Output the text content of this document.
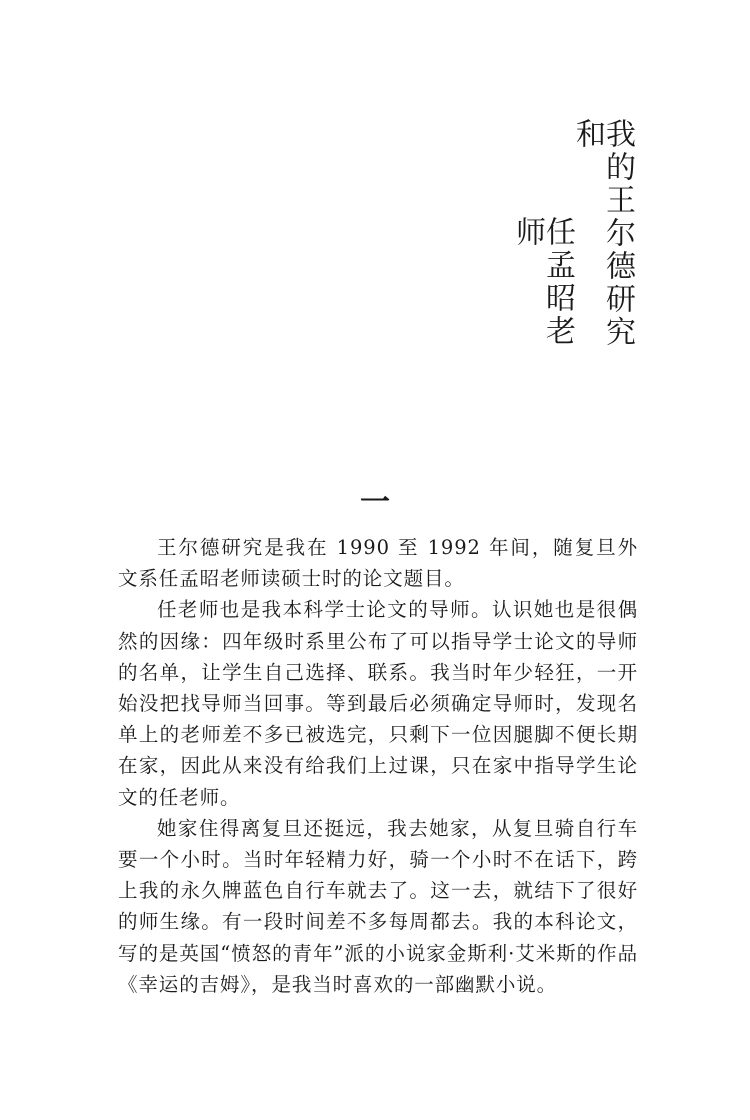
我的王尔德研究和
任孟昭老师
一

王尔德研究是我在 1990 至 1992 年间，随复旦外文系任孟昭老师读硕士时的论文题目。

任老师也是我本科学士论文的导师。认识她也是很偶然的因缘：四年级时系里公布了可以指导学士论文的导师的名单，让学生自己选择、联系。我当时年少轻狂，一开始没把找导师当回事。等到最后必须确定导师时，发现名单上的老师差不多已被选完，只剩下一位因腿脚不便长期在家，因此从来没有给我们上过课，只在家中指导学生论文的任老师。

她家住得离复旦还挺远，我去她家，从复旦骑自行车要一个小时。当时年轻精力好，骑一个小时不在话下，跨上我的永久牌蓝色自行车就去了。这一去，就结下了很好的师生缘。有一段时间差不多每周都去。我的本科论文，写的是英国“愤怒的青年”派的小说家金斯利·艾米斯的作品《幸运的吉姆》，是我当时喜欢的一部幽默小说。
